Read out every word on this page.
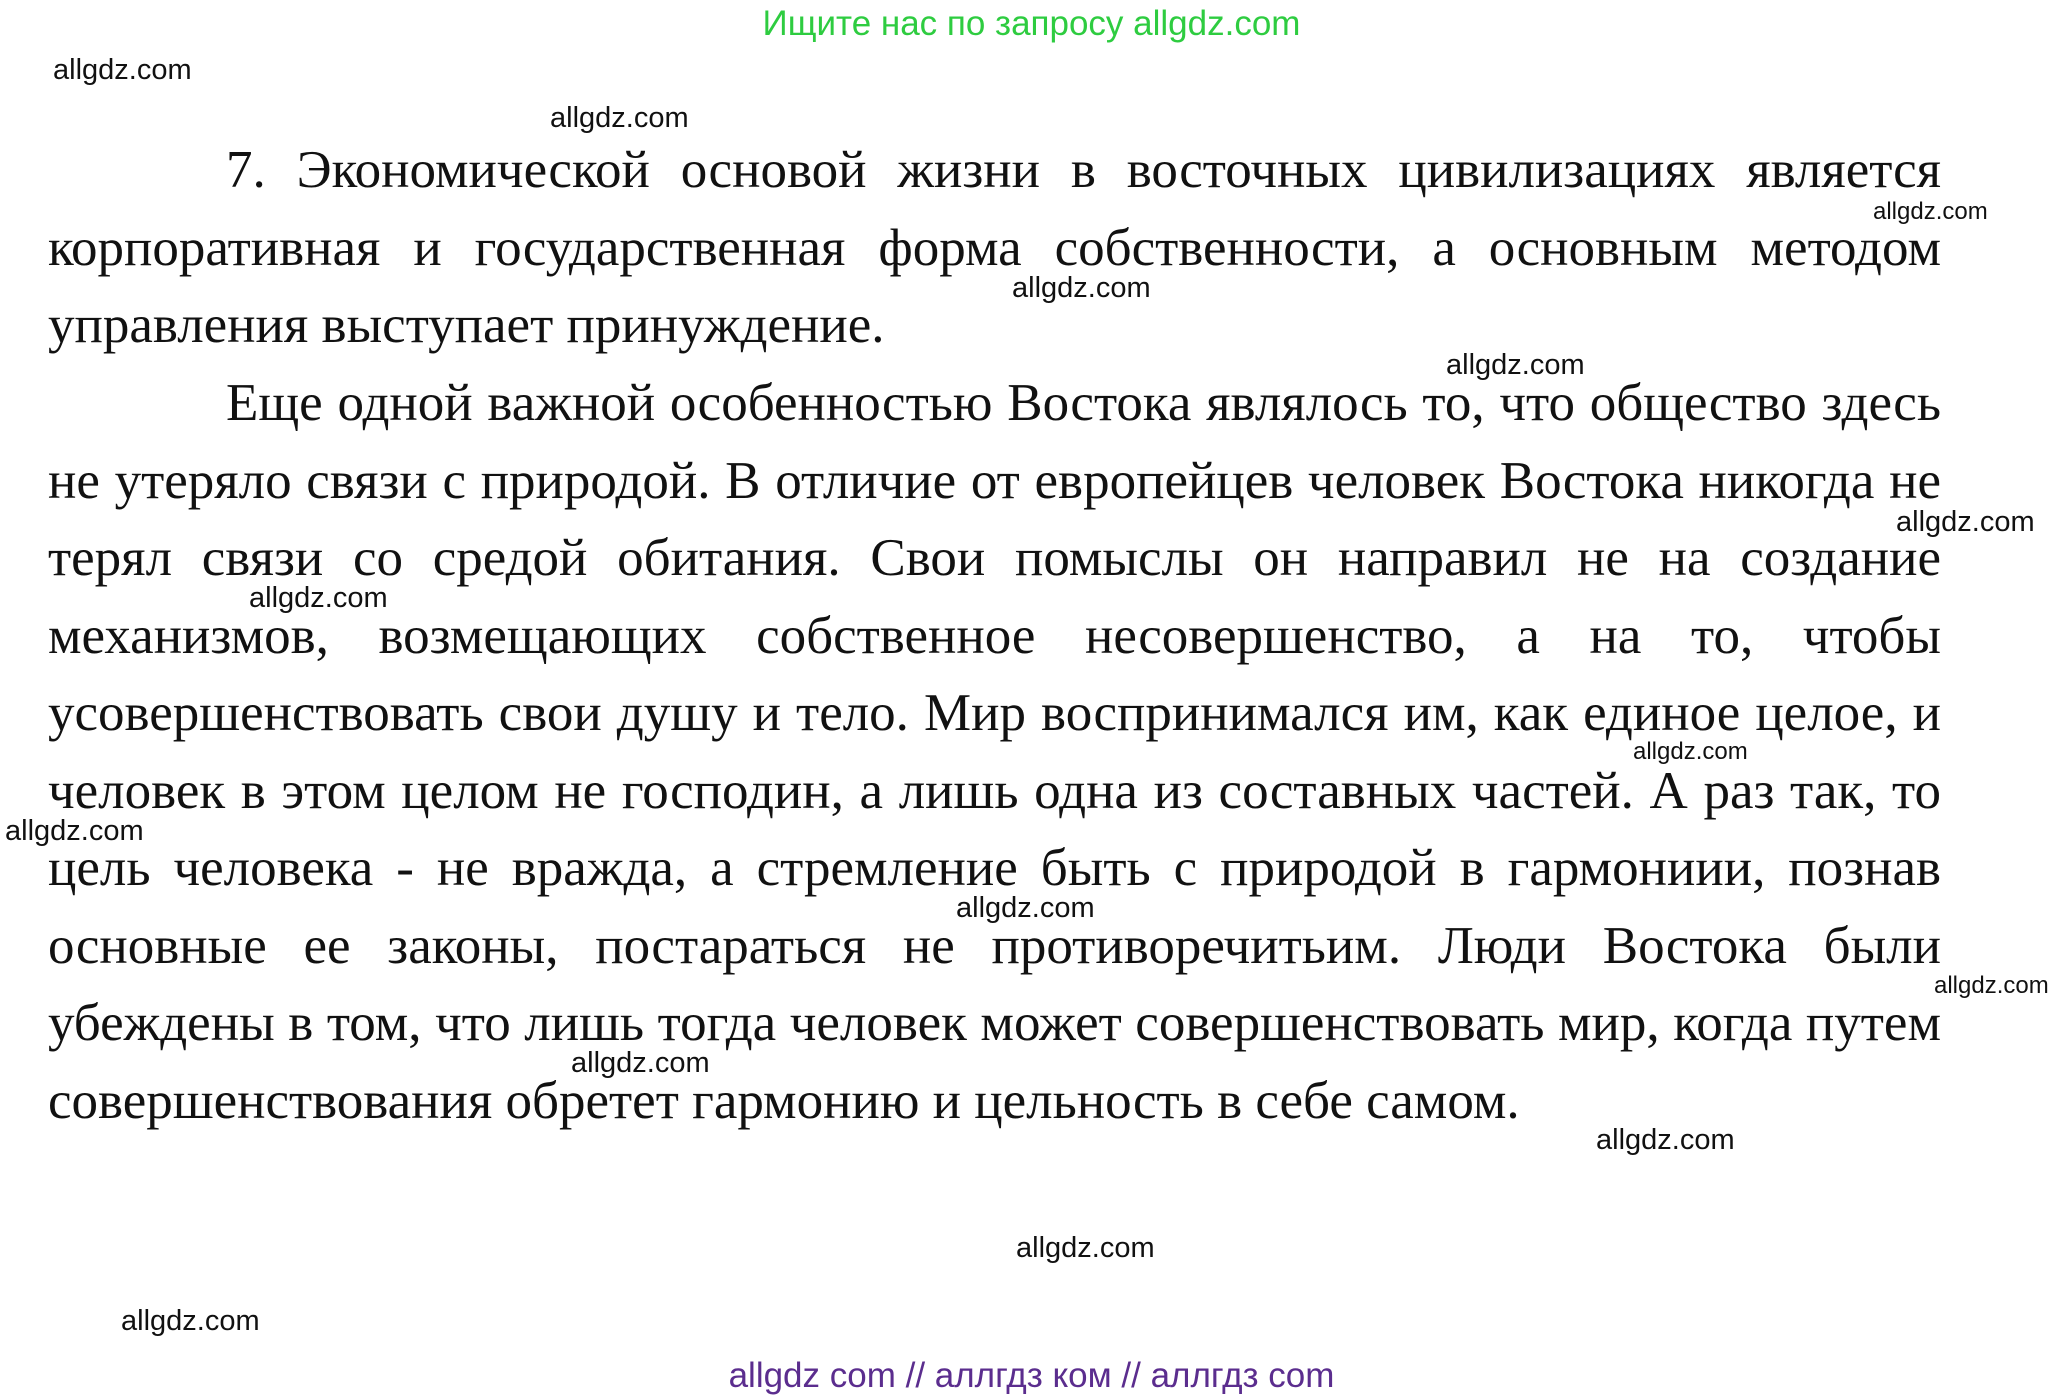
Ищите нас по запросу allgdz.com

7. Экономической основой жизни в восточных цивилизациях является корпоративная и государственная форма собственности, а основным методом управления выступает принуждение.

Еще одной важной особенностью Востока являлось то, что общество здесь не утеряло связи с природой. В отличие от европейцев человек Востока никогда не терял связи со средой обитания. Свои помыслы он направил не на создание механизмов, возмещающих собственное несовершенство, а на то, чтобы усовершенствовать свои душу и тело. Мир воспринимался им, как единое целое, и человек в этом целом не господин, а лишь одна из составных частей. А раз так, то цель человека - не вражда, а стремление быть с природой в гармониии, познав основные ее законы, постараться не противоречитьим. Люди Востока были убеждены в том, что лишь тогда человек может совершенствовать мир, когда путем совершенствования обретет гармонию и цельность в себе самом.

allgdz.com
allgdz.com
allgdz.com
allgdz.com
allgdz.com
allgdz.com
allgdz.com
allgdz.com
allgdz.com
allgdz.com
allgdz.com
allgdz.com
allgdz.com
allgdz.com
allgdz.com
allgdz com // аллгдз ком // аллгдз com
